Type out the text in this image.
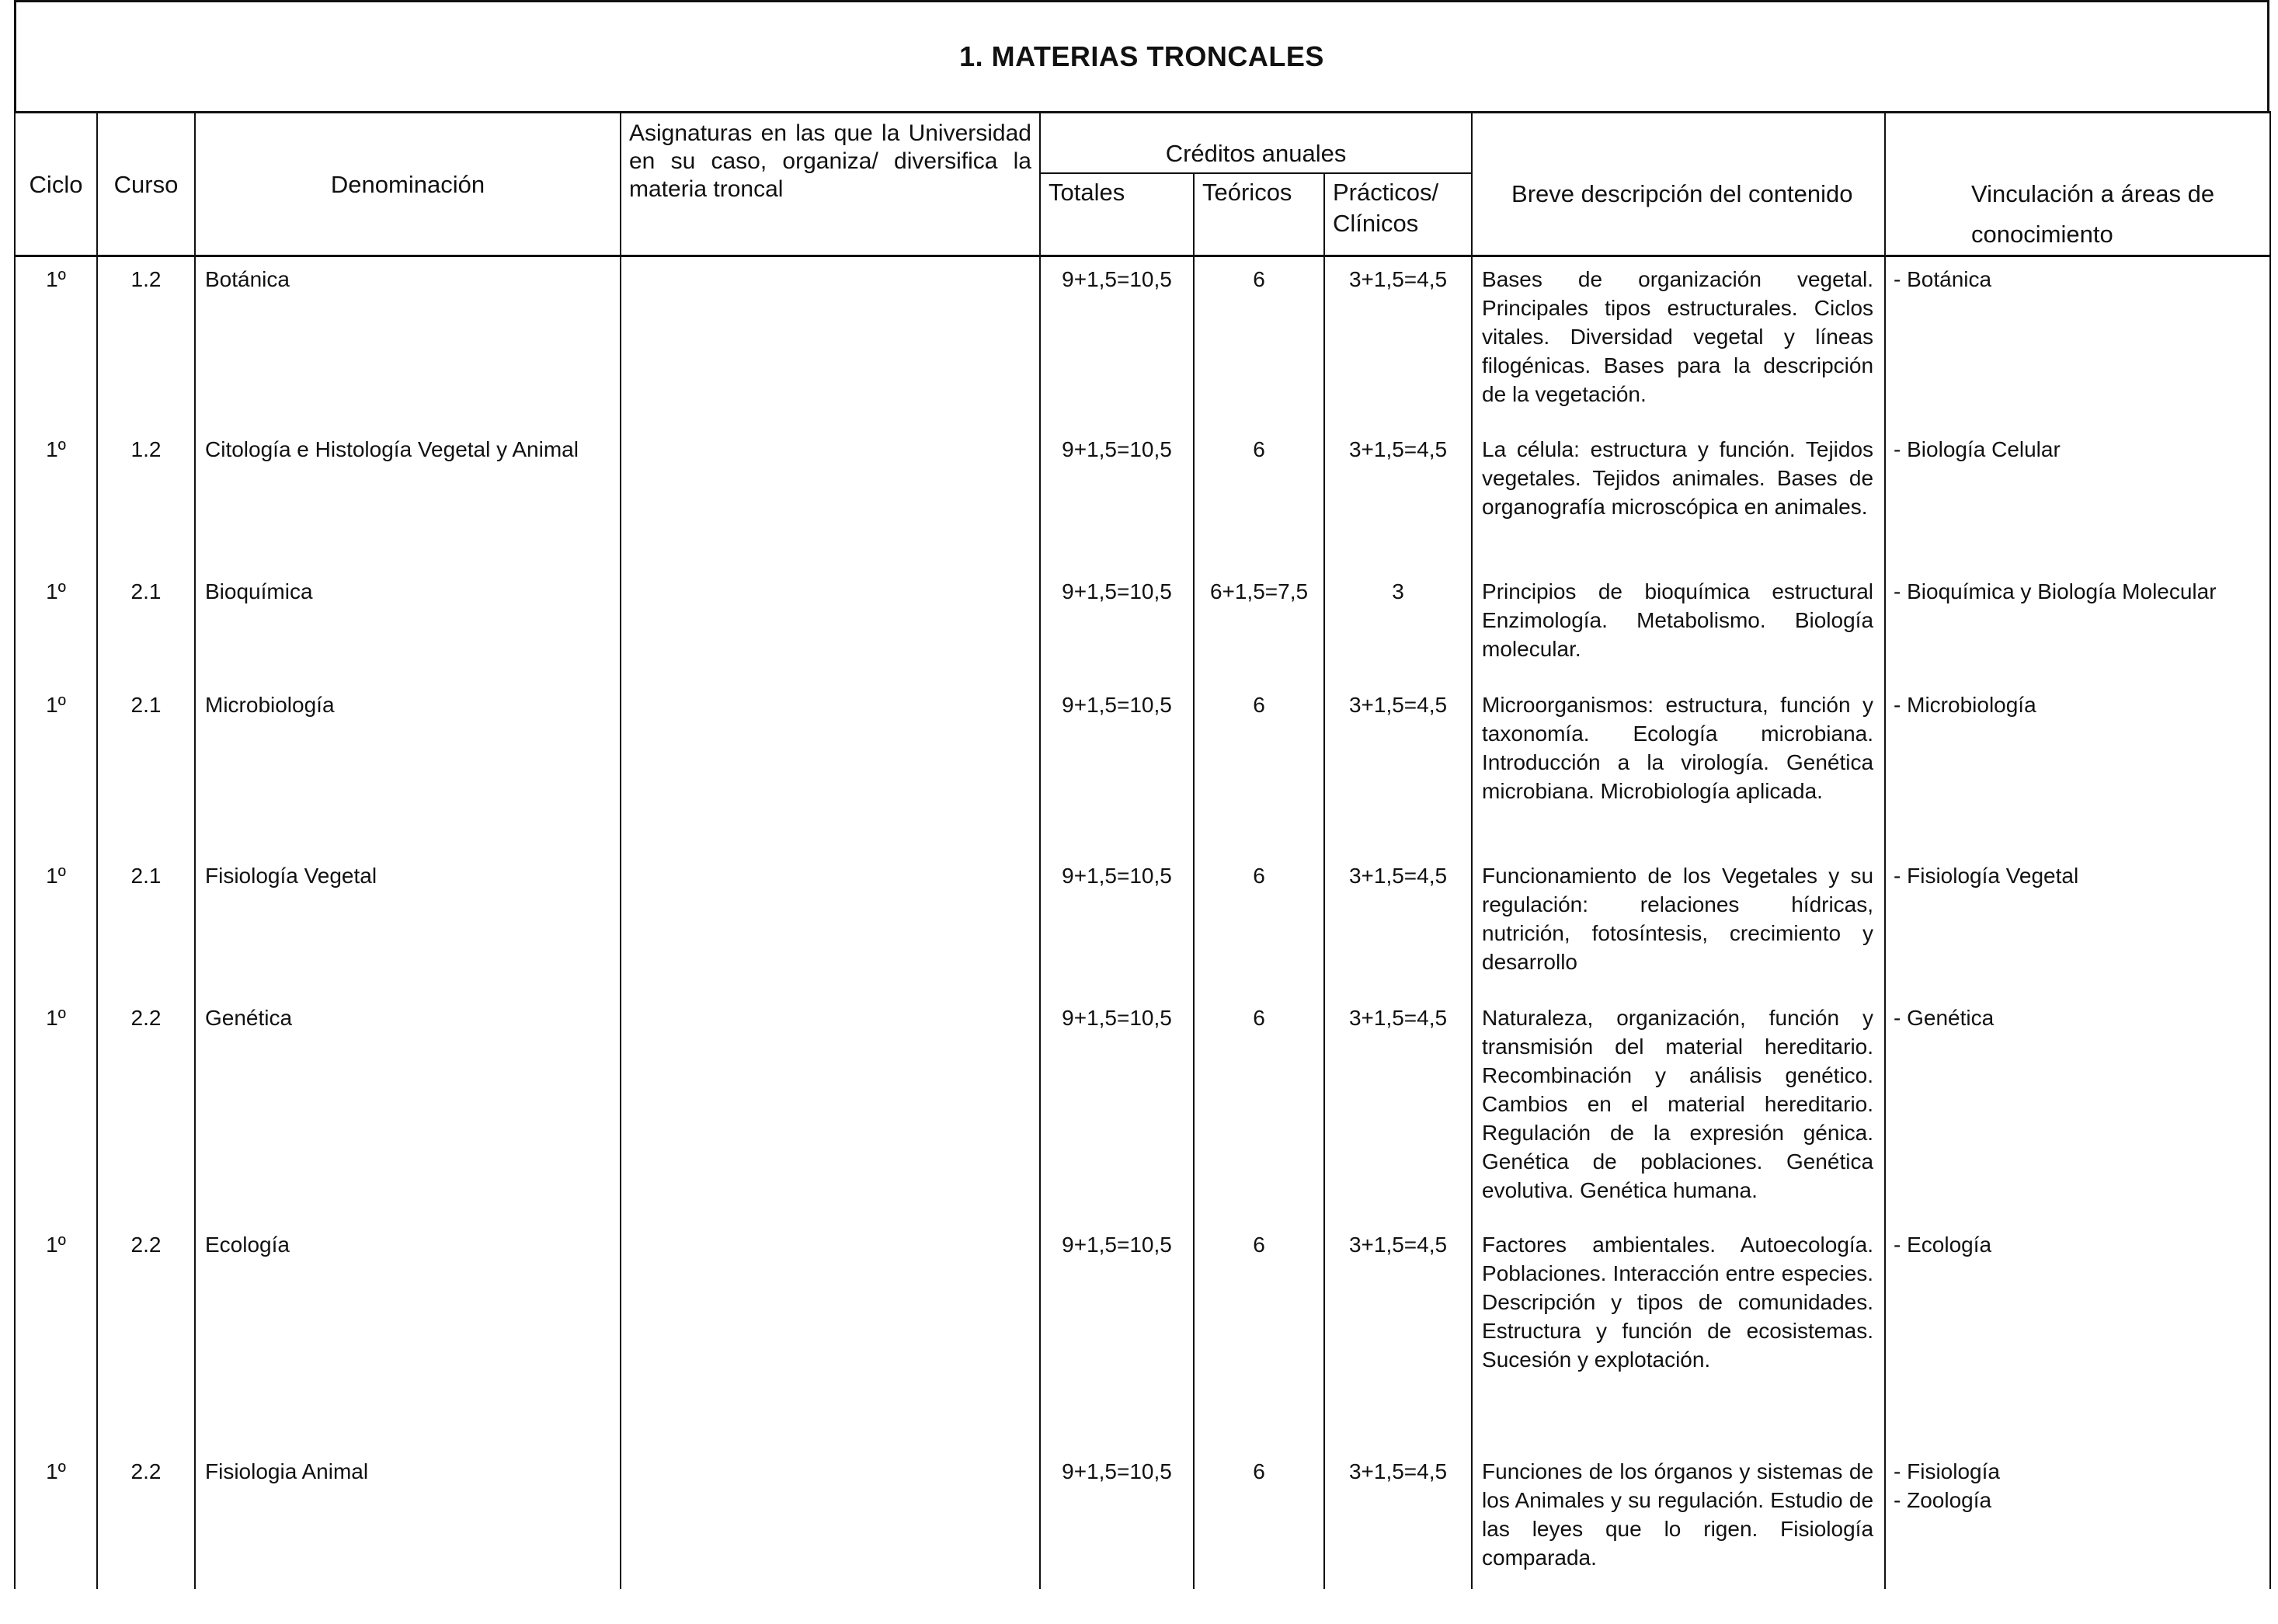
1. MATERIAS TRONCALES
Ciclo	Curso	Denominación	Asignaturas en las que la Universidad en su caso, organiza/ diversifica la materia troncal	Créditos anuales			Breve descripción del contenido	Vinculación a áreas de conocimiento
				Totales	Teóricos	Prácticos/ Clínicos		
1º	1.2	Botánica		9+1,5=10,5	6	3+1,5=4,5	Bases de organización vegetal. Principales tipos estructurales. Ciclos vitales. Diversidad vegetal y líneas filogénicas. Bases para la descripción de la vegetación.	- Botánica

1º	1.2	Citología e Histología Vegetal y Animal		9+1,5=10,5	6	3+1,5=4,5	La célula: estructura y función. Tejidos vegetales. Tejidos animales. Bases de organografía microscópica en animales.	- Biología Celular

1º	2.1	Bioquímica		9+1,5=10,5	6+1,5=7,5	3	Principios de bioquímica estructural Enzimología. Metabolismo. Biología molecular.	- Bioquímica y Biología Molecular

1º	2.1	Microbiología		9+1,5=10,5	6	3+1,5=4,5	Microorganismos: estructura, función y taxonomía. Ecología microbiana. Introducción a la virología. Genética microbiana. Microbiología aplicada.	- Microbiología

1º	2.1	Fisiología Vegetal		9+1,5=10,5	6	3+1,5=4,5	Funcionamiento de los Vegetales y su regulación: relaciones hídricas, nutrición, fotosíntesis, crecimiento y desarrollo	- Fisiología Vegetal

1º	2.2	Genética		9+1,5=10,5	6	3+1,5=4,5	Naturaleza, organización, función y transmisión del material hereditario. Recombinación y análisis genético. Cambios en el material hereditario. Regulación de la expresión génica. Genética de poblaciones. Genética evolutiva. Genética humana.	- Genética

1º	2.2	Ecología		9+1,5=10,5	6	3+1,5=4,5	Factores ambientales. Autoecología. Poblaciones. Interacción entre especies. Descripción y tipos de comunidades. Estructura y función de ecosistemas. Sucesión y explotación.	- Ecología

1º	2.2	Fisiologia Animal		9+1,5=10,5	6	3+1,5=4,5	Funciones de los órganos y sistemas de los Animales y su regulación. Estudio de las leyes que lo rigen. Fisiología comparada.	- Fisiología
- Zoología
